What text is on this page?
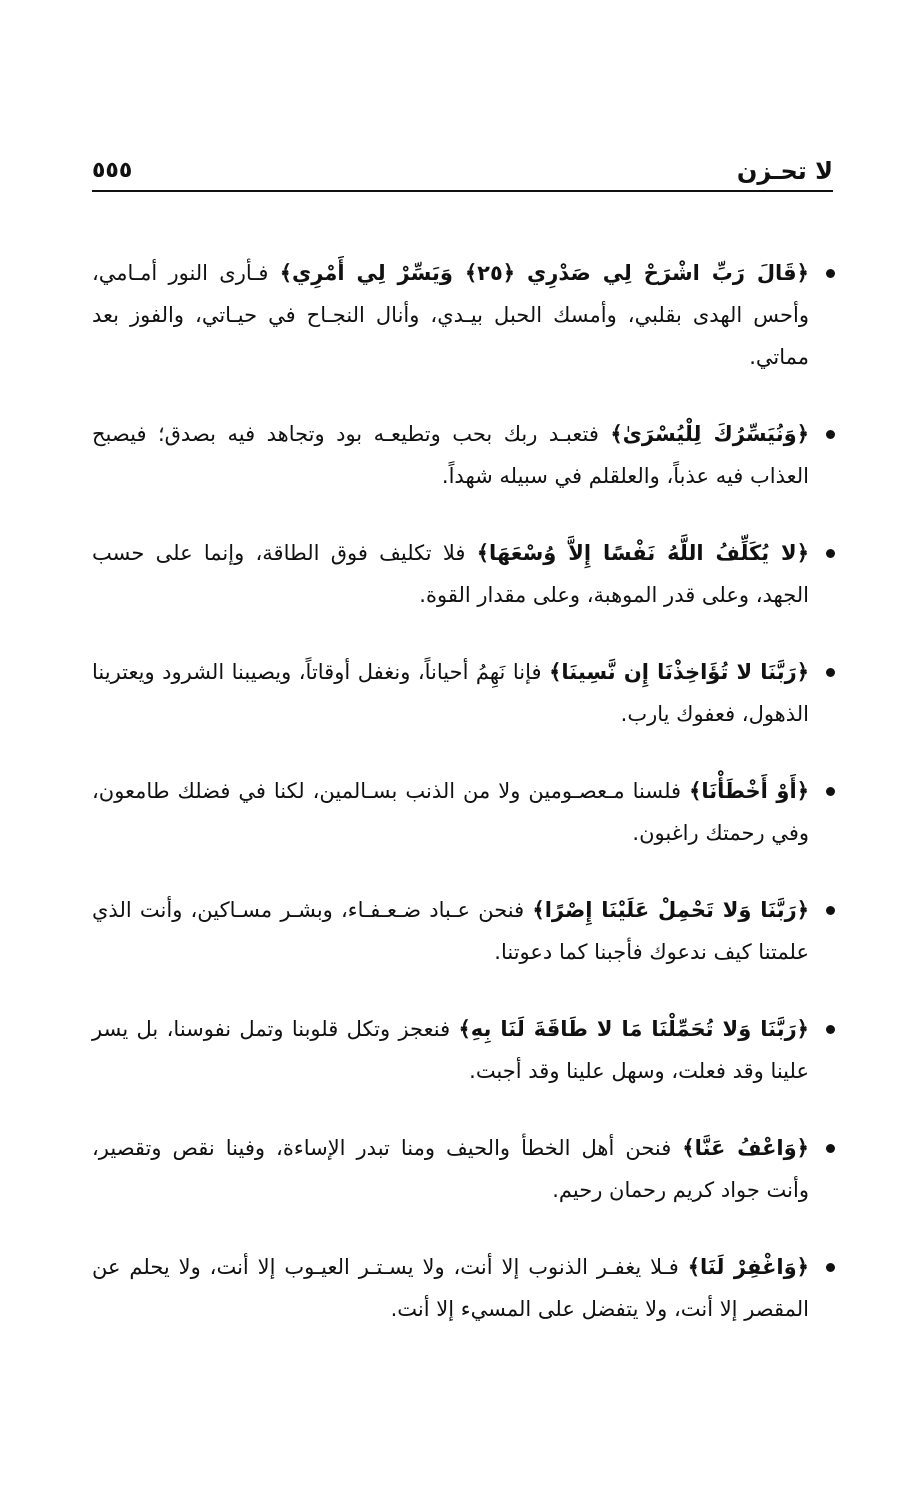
لا تحـزن
٥٥٥

﴿قَالَ رَبِّ اشْرَحْ لِي صَدْرِي ﴿٢٥﴾ وَيَسِّرْ لِي أَمْرِي﴾ فـأرى النور أمـامي، وأحس الهدى بقلبي، وأمسك الحبل بيـدي، وأنال النجـاح في حيـاتي، والفوز بعد مماتي.

﴿وَنُيَسِّرُكَ لِلْيُسْرَىٰ﴾ فتعبـد ربك بحب وتطيعـه بود وتجاهد فيه بصدق؛ فيصبح العذاب فيه عذباً، والعلقلم في سبيله شهداً.

﴿لا يُكَلِّفُ اللَّهُ نَفْسًا إِلاَّ وُسْعَهَا﴾ فلا تكليف فوق الطاقة، وإنما على حسب الجهد، وعلى قدر الموهبة، وعلى مقدار القوة.

﴿رَبَّنَا لا تُؤَاخِذْنَا إِن نَّسِينَا﴾ فإنا نَهِمُ أحياناً، ونغفل أوقاتاً، ويصيبنا الشرود ويعترينا الذهول، فعفوك يارب.

﴿أَوْ أَخْطَأْنَا﴾ فلسنا مـعصـومين ولا من الذنب بسـالمين، لكنا في فضلك طامعون، وفي رحمتك راغبون.

﴿رَبَّنَا وَلا تَحْمِلْ عَلَيْنَا إِصْرًا﴾ فنحن عـباد ضـعـفـاء، وبشـر مسـاكين، وأنت الذي علمتنا كيف ندعوك فأجبنا كما دعوتنا.

﴿رَبَّنَا وَلا تُحَمِّلْنَا مَا لا طَاقَةَ لَنَا بِهِ﴾ فنعجز وتكل قلوبنا وتمل نفوسنا، بل يسر علينا وقد فعلت، وسهل علينا وقد أجبت.

﴿وَاعْفُ عَنَّا﴾ فنحن أهل الخطأ والحيف ومنا تبدر الإساءة، وفينا نقص وتقصير، وأنت جواد كريم رحمان رحيم.

﴿وَاغْفِرْ لَنَا﴾ فـلا يغفـر الذنوب إلا أنت، ولا يسـتـر العيـوب إلا أنت، ولا يحلم عن المقصر إلا أنت، ولا يتفضل على المسيء إلا أنت.
